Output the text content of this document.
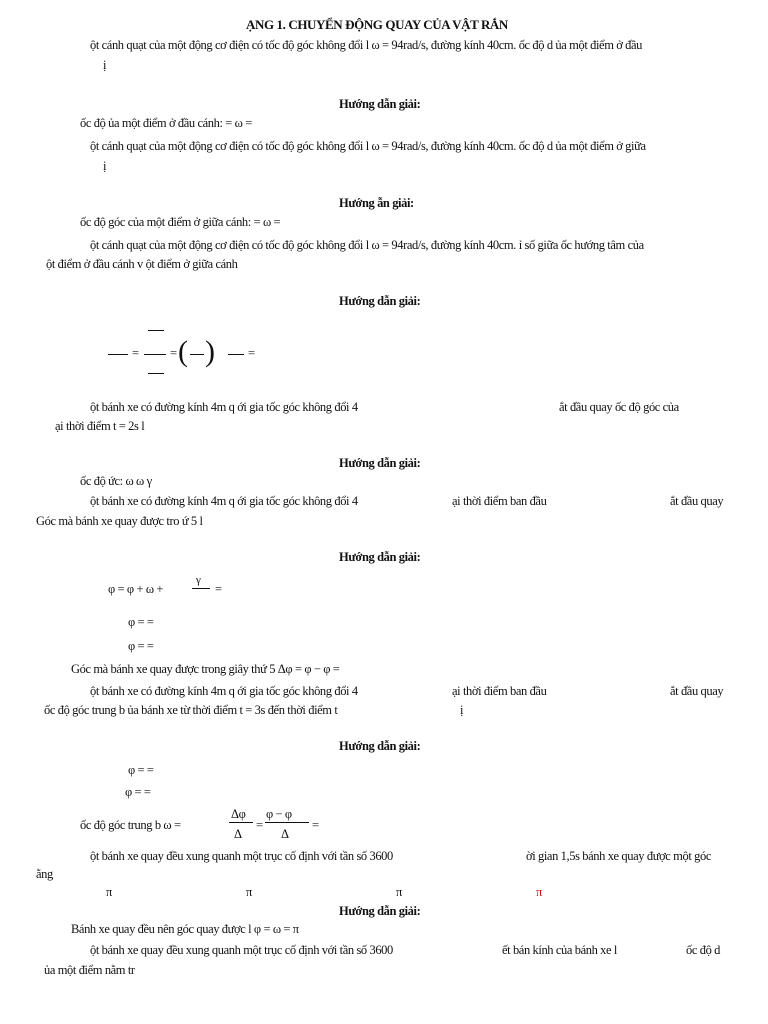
ẠNG 1. CHUYỂN ĐỘNG QUAY CỦA VẬT RẮN
ột cánh quạt của một động cơ điện có tốc độ góc không đổi l ω = 94rad/s, đường kính 40cm. ốc độ d ủa một điểm ở đầu
ị
Hướng dẫn giải:
ốc độ ủa một điểm ở đầu cánh: = ω =
ột cánh quạt của một động cơ điện có tốc độ góc không đổi l ω = 94rad/s, đường kính 40cm. ốc độ d ủa một điểm ở giữa
ị
Hướng ẫn giải:
ốc độ góc của một điểm ở giữa cánh: = ω =
ột cánh quạt của một động cơ điện có tốc độ góc không đổi l ω = 94rad/s, đường kính 40cm. ỉ số giữa ốc hướng tâm của
ột điểm ở đầu cánh v ột điểm ở giữa cánh
Hướng dẫn giải:
=	= ( )	=
ột bánh xe có đường kính 4m q ới gia tốc góc không đổi 4	ắt đầu quay ốc độ góc của
ại thời điểm t = 2s l
Hướng dẫn giải:
ốc độ ức: ω ω γ
ột bánh xe có đường kính 4m q ới gia tốc góc không đổi 4	ại thời điểm ban đầu	ắt đầu quay
Góc mà bánh xe quay được tro ứ 5 l
Hướng dẫn giải:
φ = φ + ω +
γ
=
φ = =
φ = =
Góc mà bánh xe quay được trong giây thứ 5 Δφ = φ − φ =
ột bánh xe có đường kính 4m q ới gia tốc góc không đổi 4	ại thời điểm ban đầu	ắt đầu quay
ốc độ góc trung b ủa bánh xe từ thời điểm t = 3s đến thời điểm t	ị
Hướng dẫn giải:
φ = =
φ = =
ốc độ góc trung b ω =
Δφ
Δ
=
φ − φ
Δ
=
ột bánh xe quay đều xung quanh một trục cố định với tần số 3600	ời gian 1,5s bánh xe quay được một góc
ằng
π	π	π	π
Hướng dẫn giải:
Bánh xe quay đều nên góc quay được l φ = ω = π
ột bánh xe quay đều xung quanh một trục cố định với tần số 3600	ết bán kính của bánh xe l	ốc độ d
ủa một điểm nằm tr
